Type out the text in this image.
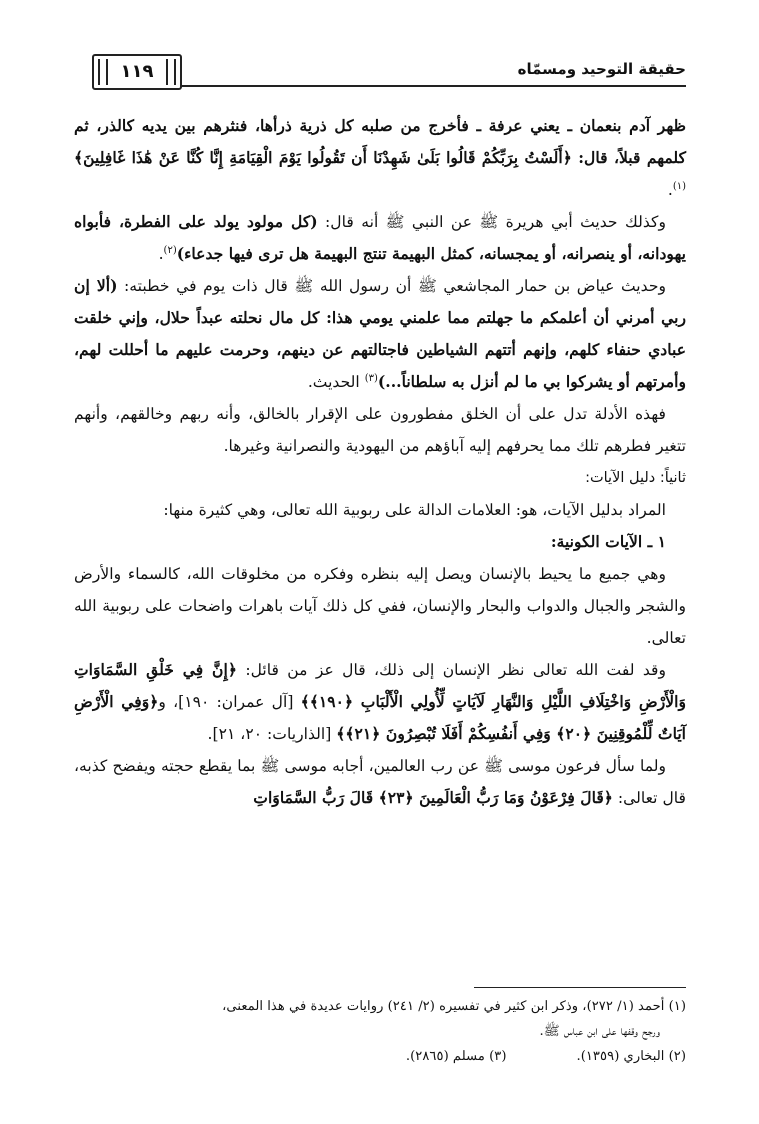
حقيقة التوحيد ومسمّاه
١١٩

ظهر آدم بنعمان ـ يعني عرفة ـ فأخرج من صلبه كل ذرية ذرأها، فنثرهم بين يديه كالذر، ثم كلمهم قبلاً، قال: ﴿أَلَسْتُ بِرَبِّكُمْ قَالُوا بَلَىٰ شَهِدْنَا أَن تَقُولُوا يَوْمَ الْقِيَامَةِ إِنَّا كُنَّا عَنْ هَٰذَا غَافِلِينَ﴾$^{(١)}$.

وكذلك حديث أبي هريرة ﷺ عن النبي ﷺ أنه قال: (كل مولود يولد على الفطرة، فأبواه يهودانه، أو ينصرانه، أو يمجسانه، كمثل البهيمة تنتج البهيمة هل ترى فيها جدعاء)$^{(٢)}$.

وحديث عياض بن حمار المجاشعي ﷺ أن رسول الله ﷺ قال ذات يوم في خطبته: (ألا إن ربي أمرني أن أعلمكم ما جهلتم مما علمني يومي هذا: كل مال نحلته عبداً حلال، وإني خلقت عبادي حنفاء كلهم، وإنهم أتتهم الشياطين فاجتالتهم عن دينهم، وحرمت عليهم ما أحللت لهم، وأمرتهم أو يشركوا بي ما لم أنزل به سلطاناً...)$^{(٣)}$ الحديث.

فهذه الأدلة تدل على أن الخلق مفطورون على الإقرار بالخالق، وأنه ربهم وخالقهم، وأنهم تتغير فطرهم تلك مما يحرفهم إليه آباؤهم من اليهودية والنصرانية وغيرها.

ثانياً: دليل الآيات:

المراد بدليل الآيات، هو: العلامات الدالة على ربوبية الله تعالى، وهي كثيرة منها:

١ ـ الآيات الكونية:

وهي جميع ما يحيط بالإنسان ويصل إليه بنظره وفكره من مخلوقات الله، كالسماء والأرض والشجر والجبال والدواب والبحار والإنسان، ففي كل ذلك آيات باهرات واضحات على ربوبية الله تعالى.

وقد لفت الله تعالى نظر الإنسان إلى ذلك، قال عز من قائل: ﴿إِنَّ فِي خَلْقِ السَّمَاوَاتِ وَالْأَرْضِ وَاخْتِلَافِ اللَّيْلِ وَالنَّهَارِ لَآيَاتٍ لِّأُولِي الْأَلْبَابِ ﴿١٩٠﴾﴾ [آل عمران: ١٩٠]، و﴿وَفِي الْأَرْضِ آيَاتٌ لِّلْمُوقِنِينَ ﴿٢٠﴾ وَفِي أَنفُسِكُمْ أَفَلَا تُبْصِرُونَ ﴿٢١﴾﴾ [الذاريات: ٢٠، ٢١].

ولما سأل فرعون موسى ﷺ عن رب العالمين، أجابه موسى ﷺ بما يقطع حجته ويفضح كذبه، قال تعالى: ﴿قَالَ فِرْعَوْنُ وَمَا رَبُّ الْعَالَمِينَ ﴿٢٣﴾ قَالَ رَبُّ السَّمَاوَاتِ

(١) أحمد (١/ ٢٧٢)، وذكر ابن كثير في تفسيره (٢/ ٢٤١) روايات عديدة في هذا المعنى،

ورجح وقفها على ابن عباس ﷺ.

(٢) البخاري (١٣٥٩).(٣) مسلم (٢٨٦٥).
